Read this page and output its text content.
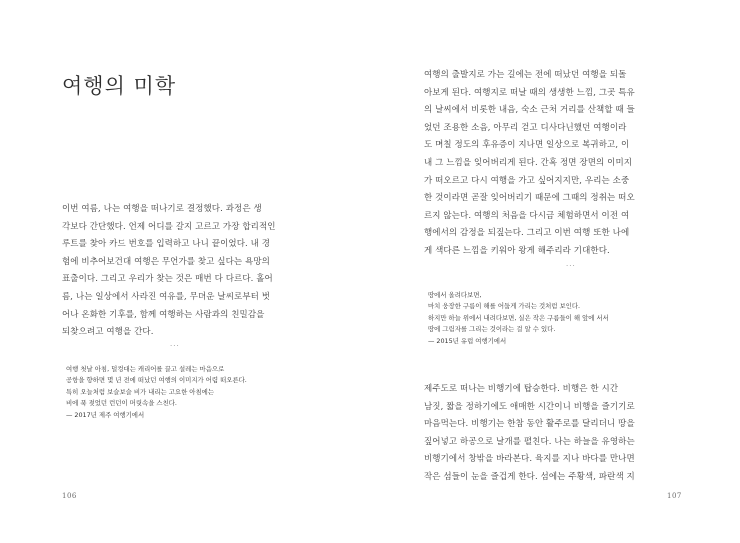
여행의 미학
이번 여름, 나는 여행을 떠나기로 결정했다. 과정은 생
각보다 간단했다. 언제 어디를 갈지 고르고 가장 합리적인
루트를 찾아 카드 번호를 입력하고 나니 끝이었다. 내 경
험에 비추어보건대 여행은 무언가를 찾고 싶다는 욕망의
표출이다. 그리고 우리가 찾는 것은 매번 다 다르다. 홀어
름, 나는 일상에서 사라진 여유를, 무뎌운 날씨로부터 벗
어나 온화한 기후를, 함께 여행하는 사람과의 친밀감을
되찾으려고 여행을 간다.
···
여행 첫날 아침, 덜컹대는 캐리어를 끌고 설레는 마음으로
공항을 향하면 몇 년 전에 떠났던 여행의 이미지가 어렴 떠오른다.
특히 오늘처럼 보슬보슬 비가 내리는 고요한 아침에는
비에 푹 젖었던 런던이 머릿속을 스친다.
— 2017년 제주 여행기에서
106
여행의 출발지로 가는 길에는 전에 떠났던 여행을 되돌
아보게 된다. 여행지로 떠날 때의 생생한 느낌, 그곳 특유
의 날씨에서 비롯한 내음, 숙소 근처 거리를 산책할 때 들
었던 조용한 소음, 아무리 걷고 디사다닌했던 여행이라
도 며칠 정도의 후유증이 지나면 일상으로 복귀하고, 이
내 그 느낌을 잊어버리게 된다. 간혹 정면 장면의 이미지
가 떠오르고 다시 여행을 가고 싶어지지만, 우리는 소중
한 것이라면 곧잘 잊어버리기 때문에 그때의 정취는 떠오
르지 않는다. 여행의 처음을 다시금 체험하면서 이전 여
행에서의 감정을 되짚는다. 그리고 이번 여행 또한 나에
게 색다른 느낌을 키워아 왕게 해주리라 기대한다.
···
땅에서 올려다보면,
마치 웅장한 구름이 해를 어둡게 가리는 것처럼 보인다.
하지만 하늘 위에서 내려다보면, 실은 작은 구름들이 해 앞에 서서
땅에 그림자를 그리는 것이라는 걸 알 수 있다.
— 2015년 유럽 여행기에서
제주도로 떠나는 비행기에 탑승한다. 비행은 한 시간
남짓, 짧을 정하기에도 애매한 시간이니 비행을 즐기기로
마음먹는다. 비행기는 한참 동안 활주로를 달리더니 땅을
짚어넣고 하공으로 날개를 펼친다. 나는 하늘을 유영하는
비행기에서 창밖을 바라본다. 육지를 지나 바다를 만나면
작은 섬들이 눈을 즐겁게 한다. 섬에는 주황색, 파란색 지
107
